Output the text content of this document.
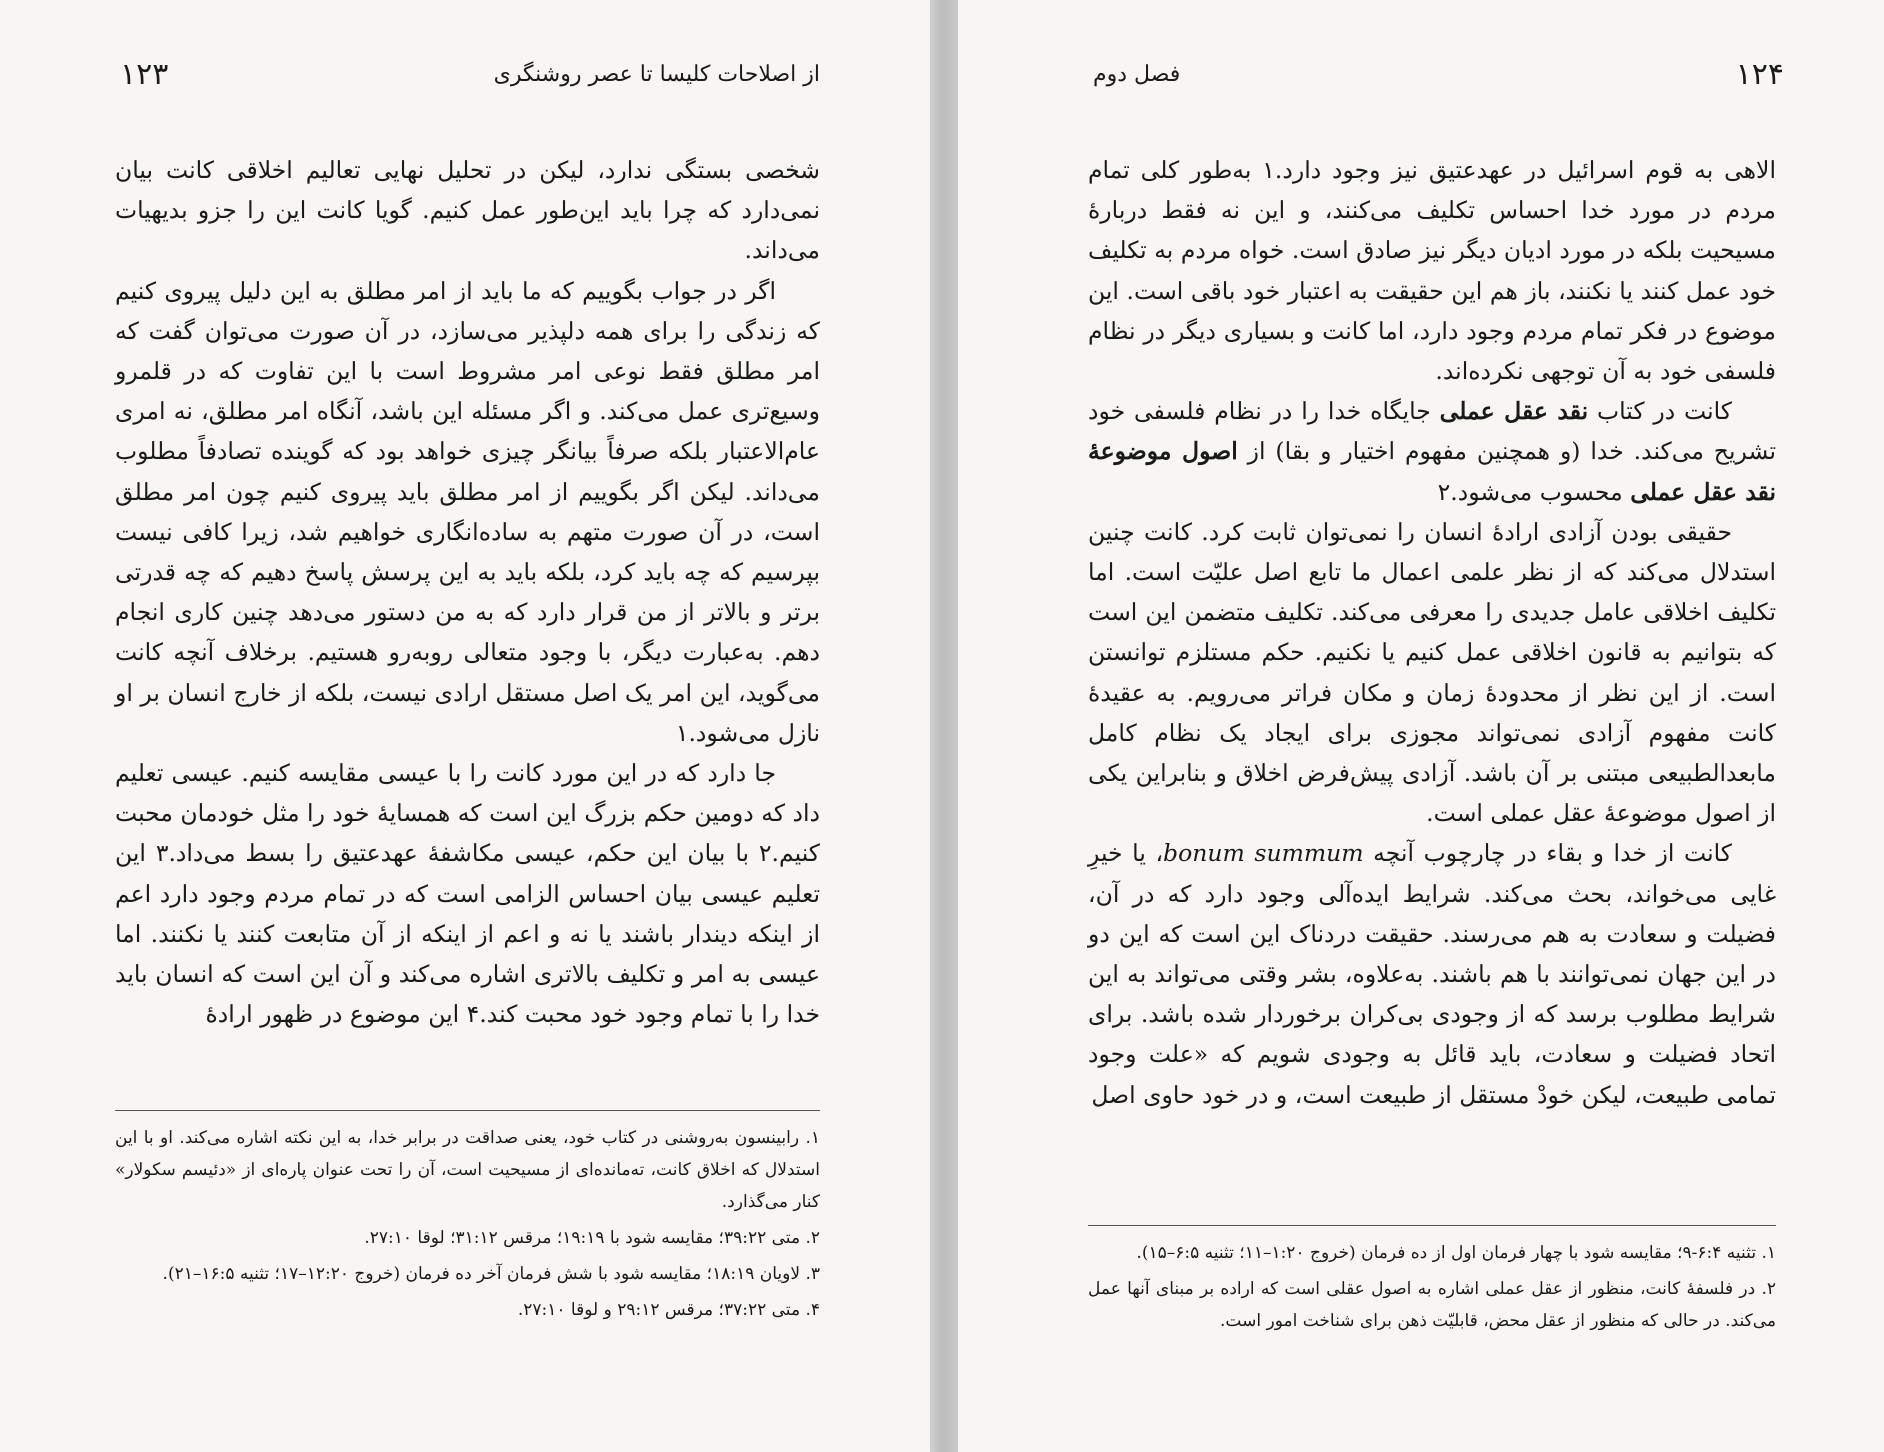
از اصلاحات کلیسا تا عصر روشنگری
۱۲۳

شخصی بستگی ندارد، لیکن در تحلیل نهایی تعالیم اخلاقی کانت بیان نمی‌دارد که چرا باید این‌طور عمل کنیم. گویا کانت این را جزو بدیهیات می‌داند.

اگر در جواب بگوییم که ما باید از امر مطلق به این دلیل پیروی کنیم که زندگی را برای همه دلپذیر می‌سازد، در آن صورت می‌توان گفت که امر مطلق فقط نوعی امر مشروط است با این تفاوت که در قلمرو وسیع‌تری عمل می‌کند. و اگر مسئله این باشد، آنگاه امر مطلق، نه امری عام‌الاعتبار بلکه صرفاً بیانگر چیزی خواهد بود که گوینده تصادفاً مطلوب می‌داند. لیکن اگر بگوییم از امر مطلق باید پیروی کنیم چون امر مطلق است، در آن صورت متهم به ساده‌انگاری خواهیم شد، زیرا کافی نیست بپرسیم که چه باید کرد، بلکه باید به این پرسش پاسخ دهیم که چه قدرتی برتر و بالاتر از من قرار دارد که به من دستور می‌دهد چنین کاری انجام دهم. به‌عبارت دیگر، با وجود متعالی روبه‌رو هستیم. برخلاف آنچه کانت می‌گوید، این امر یک اصل مستقل ارادی نیست، بلکه از خارج انسان بر او نازل می‌شود.۱

جا دارد که در این مورد کانت را با عیسی مقایسه کنیم. عیسی تعلیم داد که دومین حکم بزرگ این است که همسایهٔ خود را مثل خودمان محبت کنیم.۲ با بیان این حکم، عیسی مکاشفهٔ عهدعتیق را بسط می‌داد.۳ این تعلیم عیسی بیان احساس الزامی است که در تمام مردم وجود دارد اعم از اینکه دیندار باشند یا نه و اعم از اینکه از آن متابعت کنند یا نکنند. اما عیسی به امر و تکلیف بالاتری اشاره می‌کند و آن این است که انسان باید خدا را با تمام وجود خود محبت کند.۴ این موضوع در ظهور ارادهٔ

۱. رابینسون به‌روشنی در کتاب خود، یعنی صداقت در برابر خدا، به این نکته اشاره می‌کند. او با این استدلال که اخلاق کانت، ته‌مانده‌ای از مسیحیت است، آن را تحت عنوان پاره‌ای از «دئیسم سکولار» کنار می‌گذارد.

۲. متی ۳۹:۲۲؛ مقایسه شود با ۱۹:۱۹؛ مرقس ۳۱:۱۲؛ لوقا ۲۷:۱۰.

۳. لاویان ۱۸:۱۹؛ مقایسه شود با شش فرمان آخر ده فرمان (خروج ۱۲:۲۰–۱۷؛ تثنیه ۱۶:۵–۲۱).

۴. متی ۳۷:۲۲؛ مرقس ۲۹:۱۲ و لوقا ۲۷:۱۰.

۱۲۴
فصل دوم

الاهی به قوم اسرائیل در عهدعتیق نیز وجود دارد.۱ به‌طور کلی تمام مردم در مورد خدا احساس تکلیف می‌کنند، و این نه فقط دربارهٔ مسیحیت بلکه در مورد ادیان دیگر نیز صادق است. خواه مردم به تکلیف خود عمل کنند یا نکنند، باز هم این حقیقت به اعتبار خود باقی است. این موضوع در فکر تمام مردم وجود دارد، اما کانت و بسیاری دیگر در نظام فلسفی خود به آن توجهی نکرده‌اند.

کانت در کتاب نقد عقل عملی جایگاه خدا را در نظام فلسفی خود تشریح می‌کند. خدا (و همچنین مفهوم اختیار و بقا) از اصول موضوعهٔ نقد عقل عملی محسوب می‌شود.۲

حقیقی بودن آزادی ارادهٔ انسان را نمی‌توان ثابت کرد. کانت چنین استدلال می‌کند که از نظر علمی اعمال ما تابع اصل علیّت است. اما تکلیف اخلاقی عامل جدیدی را معرفی می‌کند. تکلیف متضمن این است که بتوانیم به قانون اخلاقی عمل کنیم یا نکنیم. حکم مستلزم توانستن است. از این نظر از محدودهٔ زمان و مکان فراتر می‌رویم. به عقیدهٔ کانت مفهوم آزادی نمی‌تواند مجوزی برای ایجاد یک نظام کامل مابعدالطبیعی مبتنی بر آن باشد. آزادی پیش‌فرض اخلاق و بنابراین یکی از اصول موضوعهٔ عقل عملی است.

کانت از خدا و بقاء در چارچوب آنچه bonum summum، یا خیرِ غایی می‌خواند، بحث می‌کند. شرایط ایده‌آلی وجود دارد که در آن، فضیلت و سعادت به هم می‌رسند. حقیقت دردناک این است که این دو در این جهان نمی‌توانند با هم باشند. به‌علاوه، بشر وقتی می‌تواند به این شرایط مطلوب برسد که از وجودی بی‌کران برخوردار شده باشد. برای اتحاد فضیلت و سعادت، باید قائل به وجودی شویم که «علت وجود تمامی طبیعت، لیکن خودْ مستقل از طبیعت است، و در خود حاوی اصل

۱. تثنیه ۶:۴-۹؛ مقایسه شود با چهار فرمان اول از ده فرمان (خروج ۱:۲۰–۱۱؛ تثنیه ۶:۵–۱۵).

۲. در فلسفهٔ کانت، منظور از عقل عملی اشاره به اصول عقلی است که اراده بر مبنای آنها عمل می‌کند. در حالی که منظور از عقل محض، قابلیّت ذهن برای شناخت امور است.
